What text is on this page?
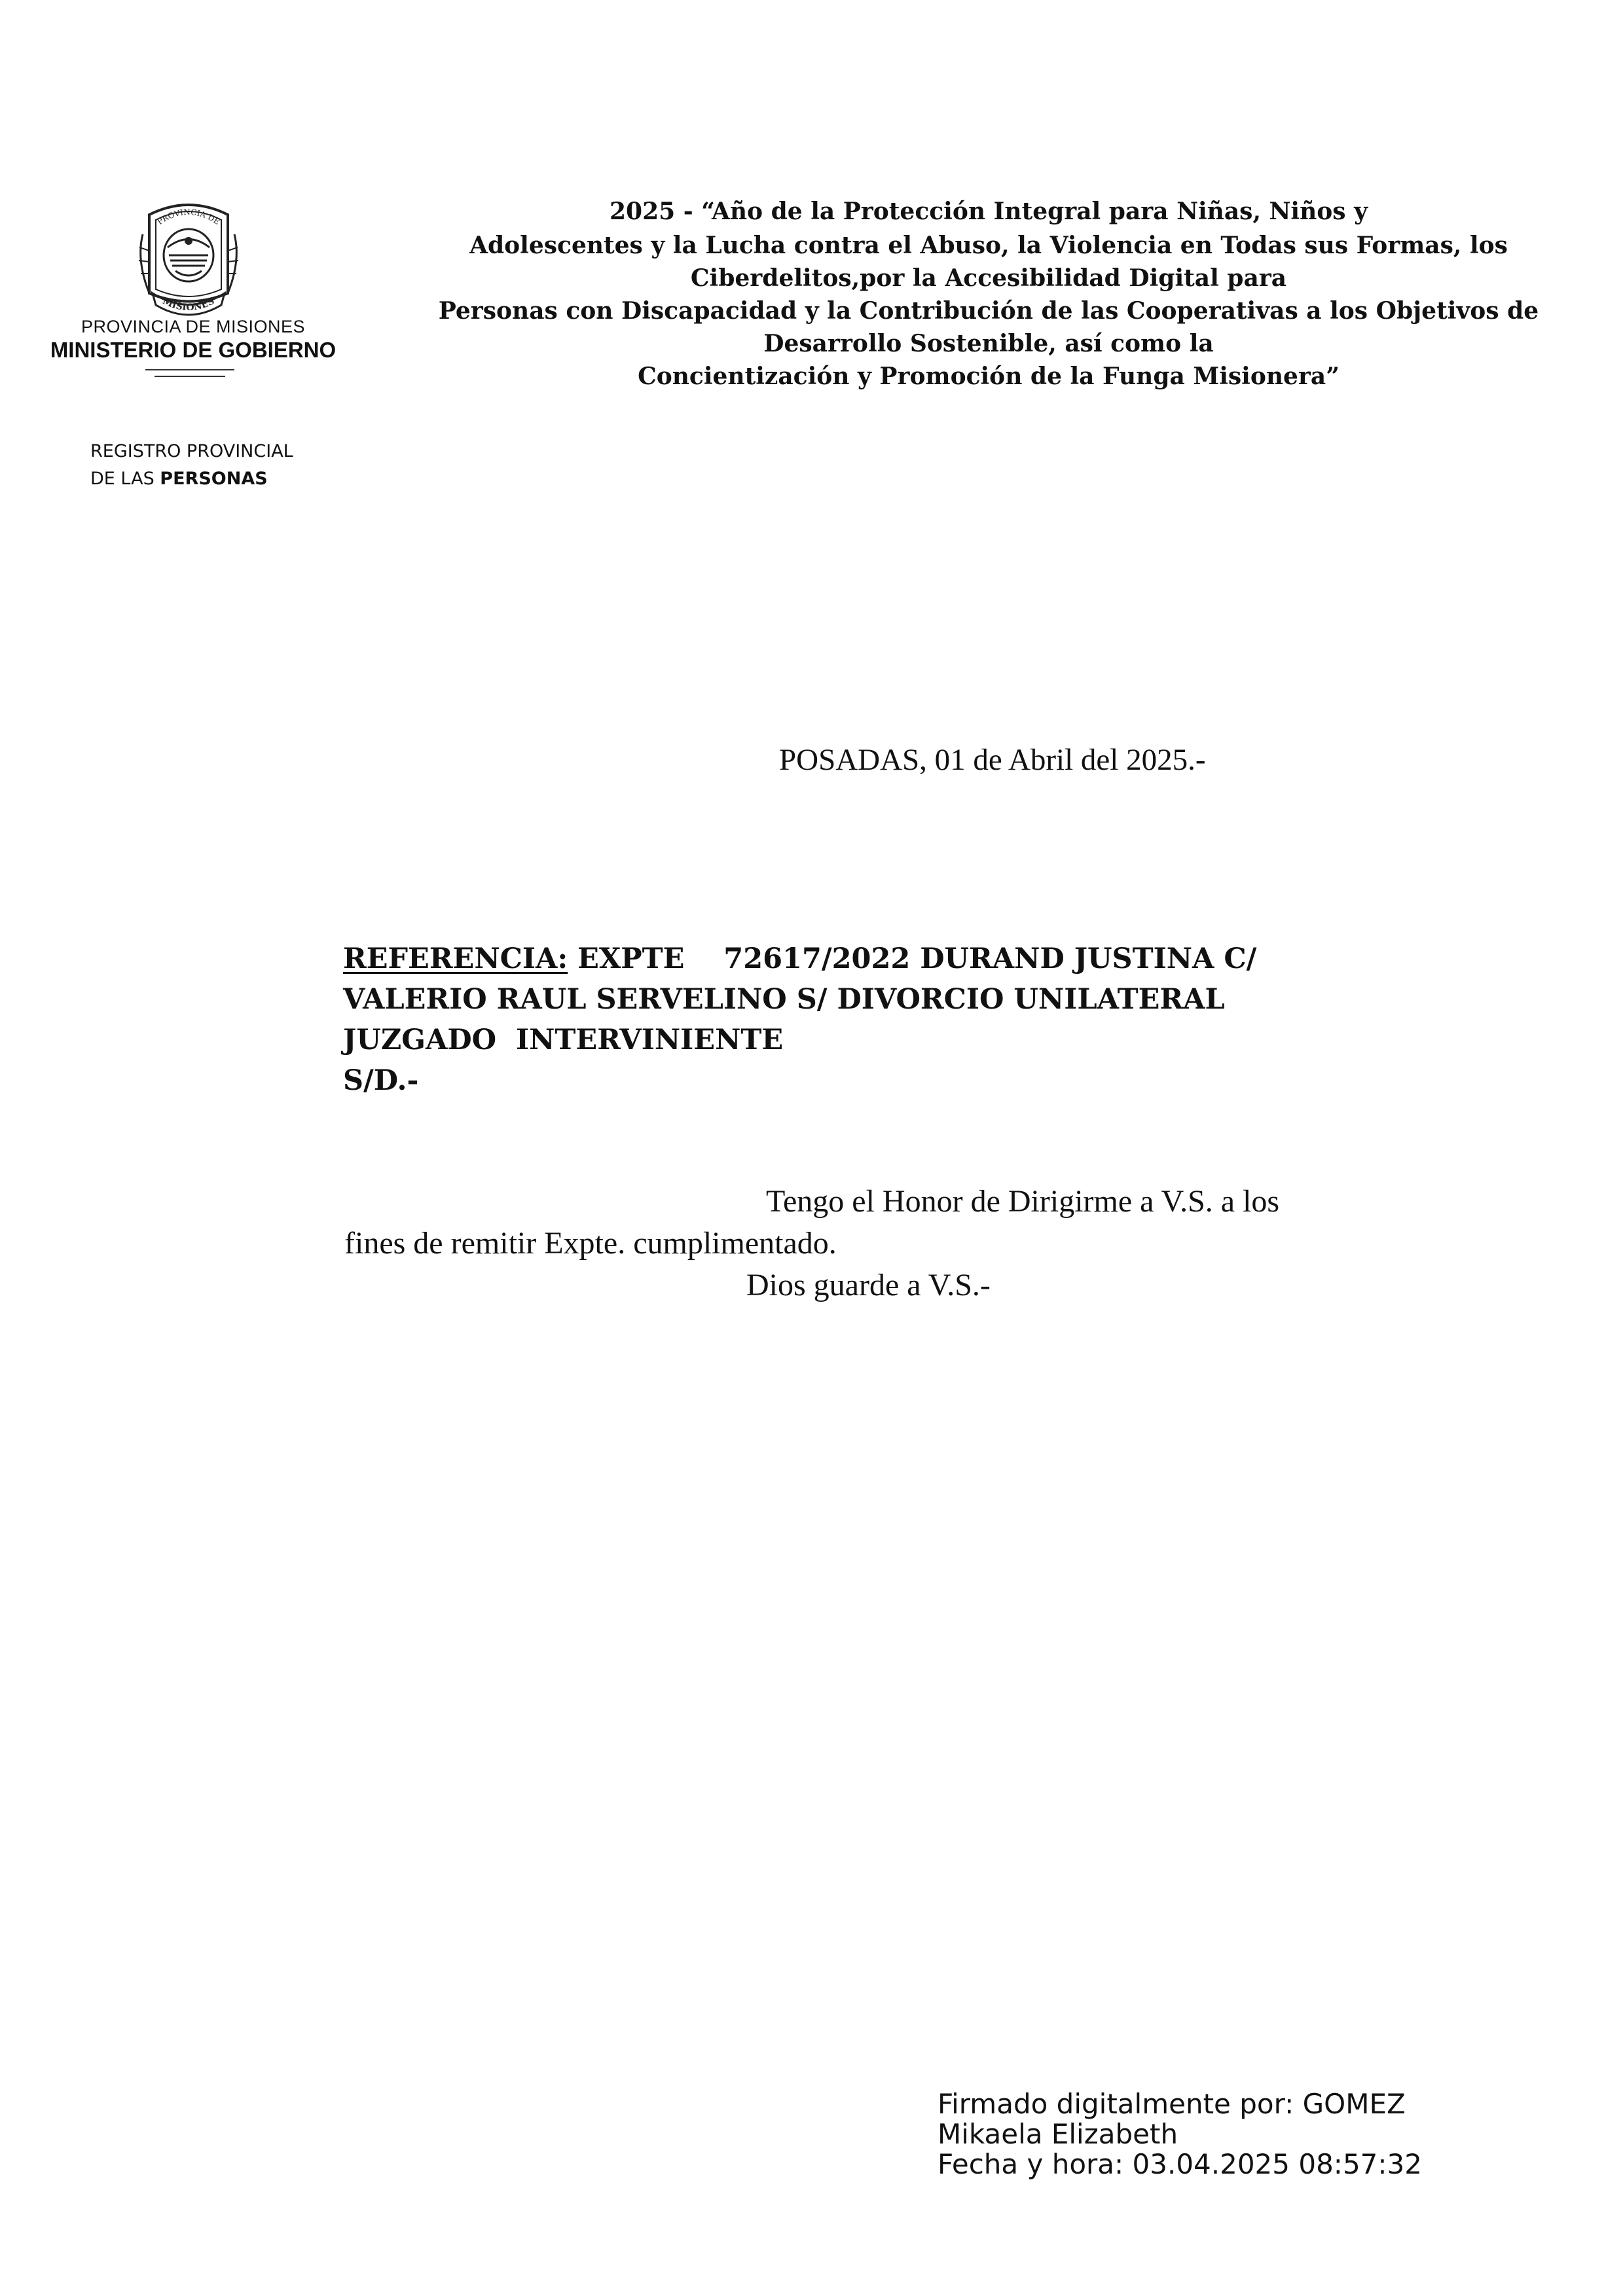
PROVINCIA DE
MISIONES
PROVINCIA DE MISIONES
MINISTERIO DE GOBIERNO
REGISTRO PROVINCIAL
DE LAS PERSONAS
2025 - “Año de la Protección Integral para Niñas, Niños y
Adolescentes y la Lucha contra el Abuso, la Violencia en Todas sus Formas, los
Ciberdelitos,por la Accesibilidad Digital para
Personas con Discapacidad y la Contribución de las Cooperativas a los Objetivos de
Desarrollo Sostenible, así como la
Concientización y Promoción de la Funga Misionera”
POSADAS, 01 de Abril del 2025.-
REFERENCIA: EXPTE    72617/2022 DURAND JUSTINA C/
VALERIO RAUL SERVELINO S/ DIVORCIO UNILATERAL
JUZGADO  INTERVINIENTE
S/D.-
Tengo el Honor de Dirigirme a V.S. a los
fines de remitir Expte. cumplimentado.
Dios guarde a V.S.-
Firmado digitalmente por: GOMEZ
Mikaela Elizabeth
Fecha y hora: 03.04.2025 08:57:32
